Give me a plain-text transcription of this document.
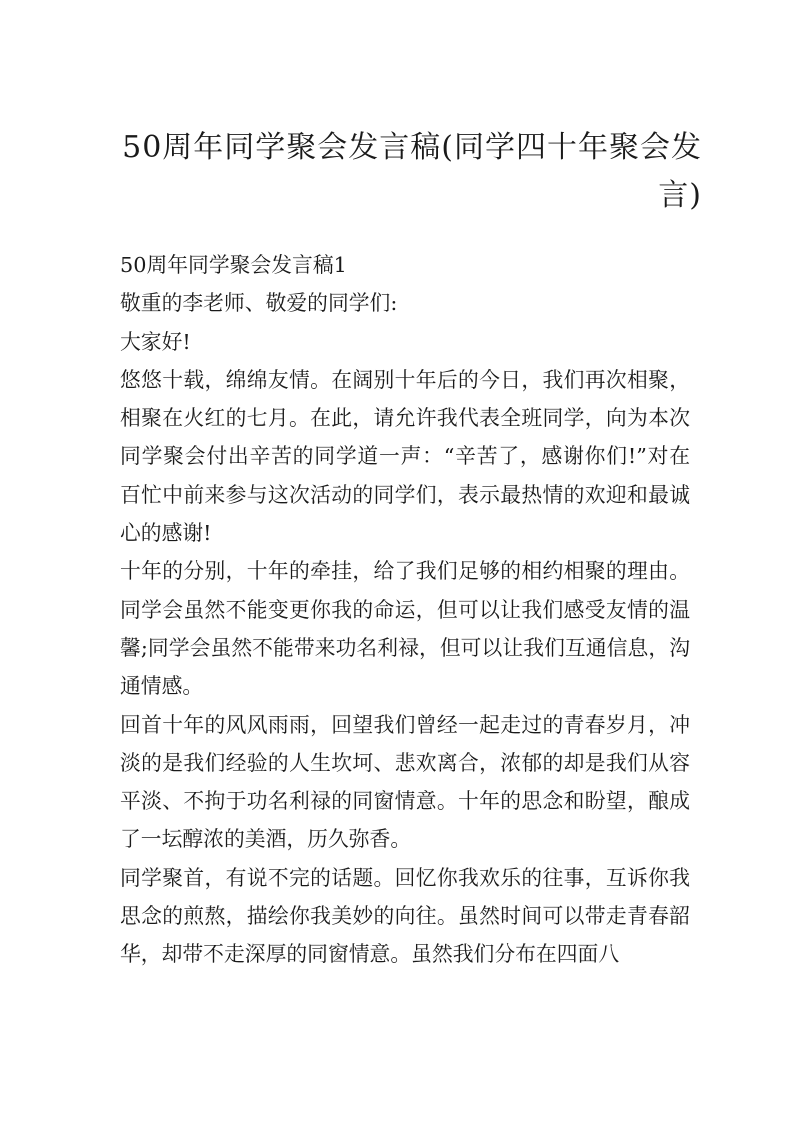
50周年同学聚会发言稿(同学四十年聚会发言)

50周年同学聚会发言稿1

敬重的李老师、敬爱的同学们:

大家好!

悠悠十载，绵绵友情。在阔别十年后的今日，我们再次相聚，相聚在火红的七月。在此，请允许我代表全班同学，向为本次同学聚会付出辛苦的同学道一声：“辛苦了，感谢你们!”对在百忙中前来参与这次活动的同学们，表示最热情的欢迎和最诚心的感谢!

十年的分别，十年的牵挂，给了我们足够的相约相聚的理由。同学会虽然不能变更你我的命运，但可以让我们感受友情的温馨;同学会虽然不能带来功名利禄，但可以让我们互通信息，沟通情感。

回首十年的风风雨雨，回望我们曾经一起走过的青春岁月，冲淡的是我们经验的人生坎坷、悲欢离合，浓郁的却是我们从容平淡、不拘于功名利禄的同窗情意。十年的思念和盼望，酿成了一坛醇浓的美酒，历久弥香。

同学聚首，有说不完的话题。回忆你我欢乐的往事，互诉你我思念的煎熬，描绘你我美妙的向往。虽然时间可以带走青春韶华，却带不走深厚的同窗情意。虽然我们分布在四面八
